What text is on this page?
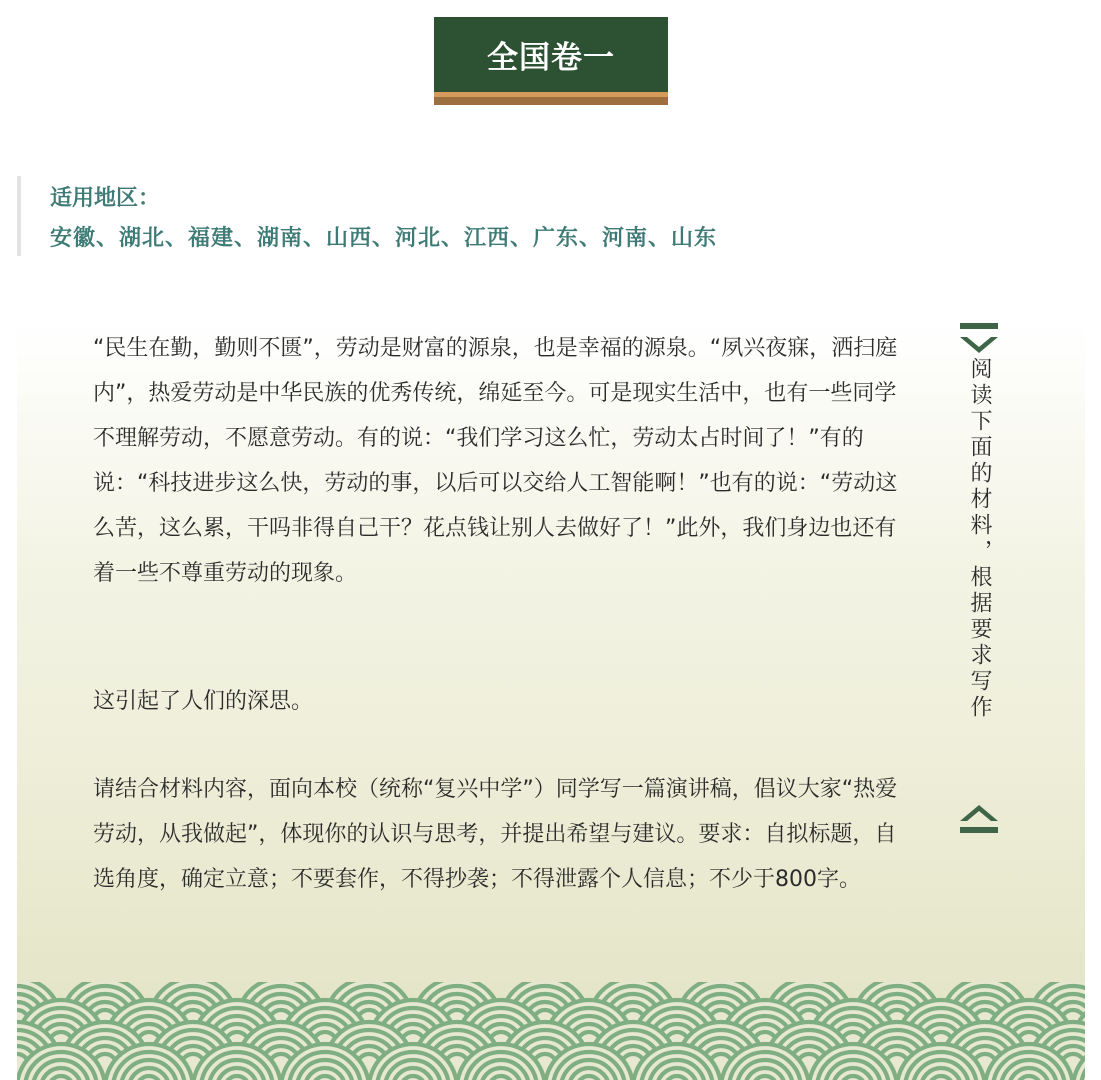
全国卷一
适用地区：
安徽、湖北、福建、湖南、山西、河北、江西、广东、河南、山东

“民生在勤，勤则不匮”，劳动是财富的源泉，也是幸福的源泉。“夙兴夜寐，洒扫庭内”，热爱劳动是中华民族的优秀传统，绵延至今。可是现实生活中，也有一些同学不理解劳动，不愿意劳动。有的说：“我们学习这么忙，劳动太占时间了！”有的说：“科技进步这么快，劳动的事，以后可以交给人工智能啊！”也有的说：“劳动这么苦，这么累，干吗非得自己干？花点钱让别人去做好了！”此外，我们身边也还有着一些不尊重劳动的现象。

这引起了人们的深思。

请结合材料内容，面向本校（统称“复兴中学”）同学写一篇演讲稿，倡议大家“热爱劳动，从我做起”，体现你的认识与思考，并提出希望与建议。要求：自拟标题，自选角度，确定立意；不要套作，不得抄袭；不得泄露个人信息；不少于800字。

阅读下面的材料，根据要求写作
